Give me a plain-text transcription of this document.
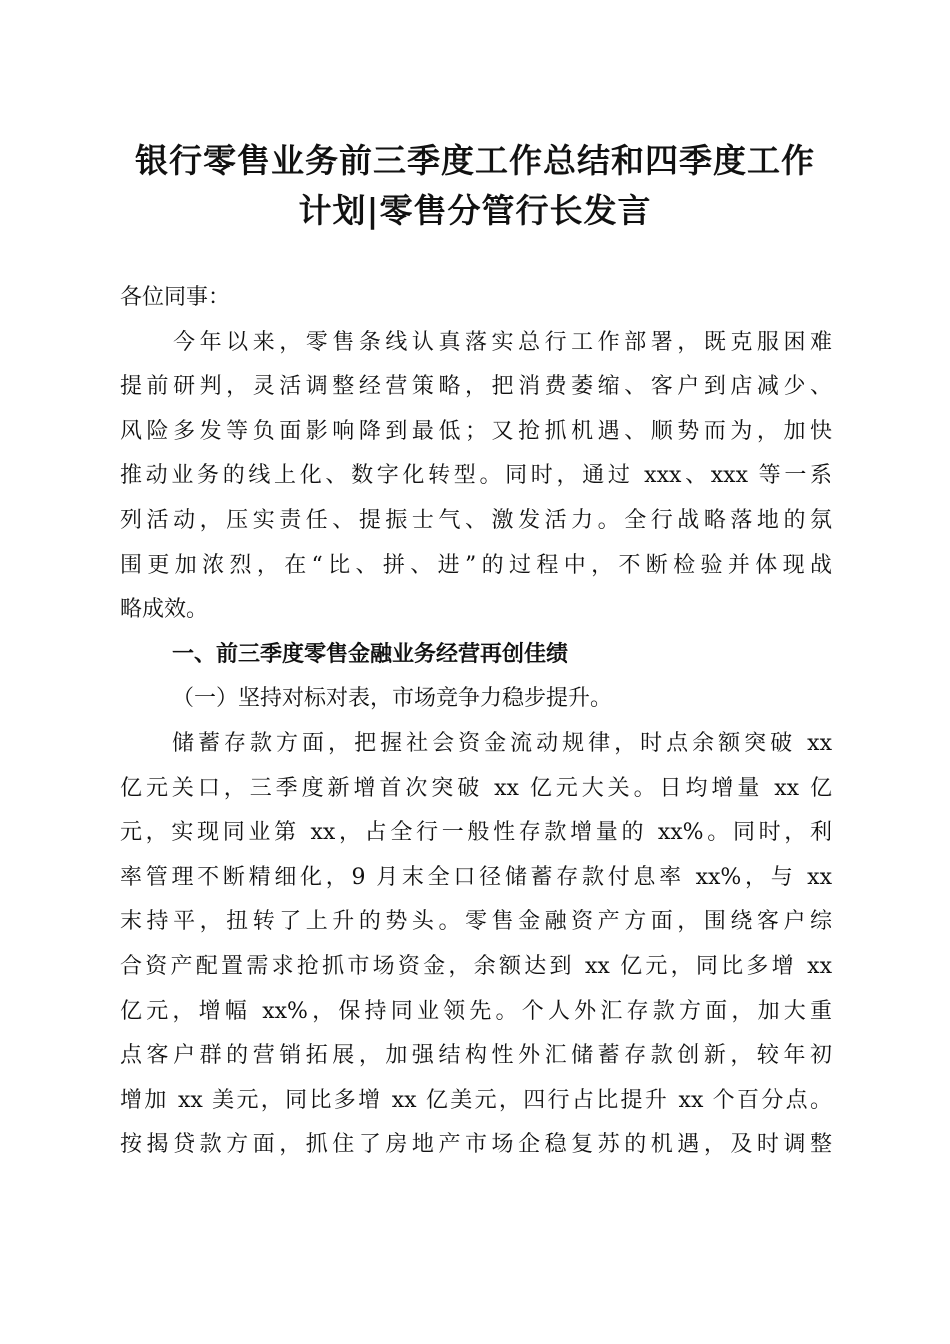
银行零售业务前三季度工作总结和四季度工作
计划|零售分管行长发言
各位同事：
　　今年以来，零售条线认真落实总行工作部署，既克服困难
提前研判，灵活调整经营策略，把消费萎缩、客户到店减少、
风险多发等负面影响降到最低；又抢抓机遇、顺势而为，加快
推动业务的线上化、数字化转型。同时，通过 xxx、xxx 等一系
列活动，压实责任、提振士气、激发活力。全行战略落地的氛
围更加浓烈，在“比、拼、进”的过程中，不断检验并体现战
略成效。
一、前三季度零售金融业务经营再创佳绩
（一）坚持对标对表，市场竞争力稳步提升。
　　储蓄存款方面，把握社会资金流动规律，时点余额突破 xx
亿元关口，三季度新增首次突破 xx 亿元大关。日均增量 xx 亿
元，实现同业第 xx，占全行一般性存款增量的 xx%。同时，利
率管理不断精细化，9 月末全口径储蓄存款付息率 xx%，与 xx
末持平，扭转了上升的势头。零售金融资产方面，围绕客户综
合资产配置需求抢抓市场资金，余额达到 xx 亿元，同比多增 xx
亿元，增幅 xx%，保持同业领先。个人外汇存款方面，加大重
点客户群的营销拓展，加强结构性外汇储蓄存款创新，较年初
增加 xx 美元，同比多增 xx 亿美元，四行占比提升 xx 个百分点。
按揭贷款方面，抓住了房地产市场企稳复苏的机遇，及时调整
